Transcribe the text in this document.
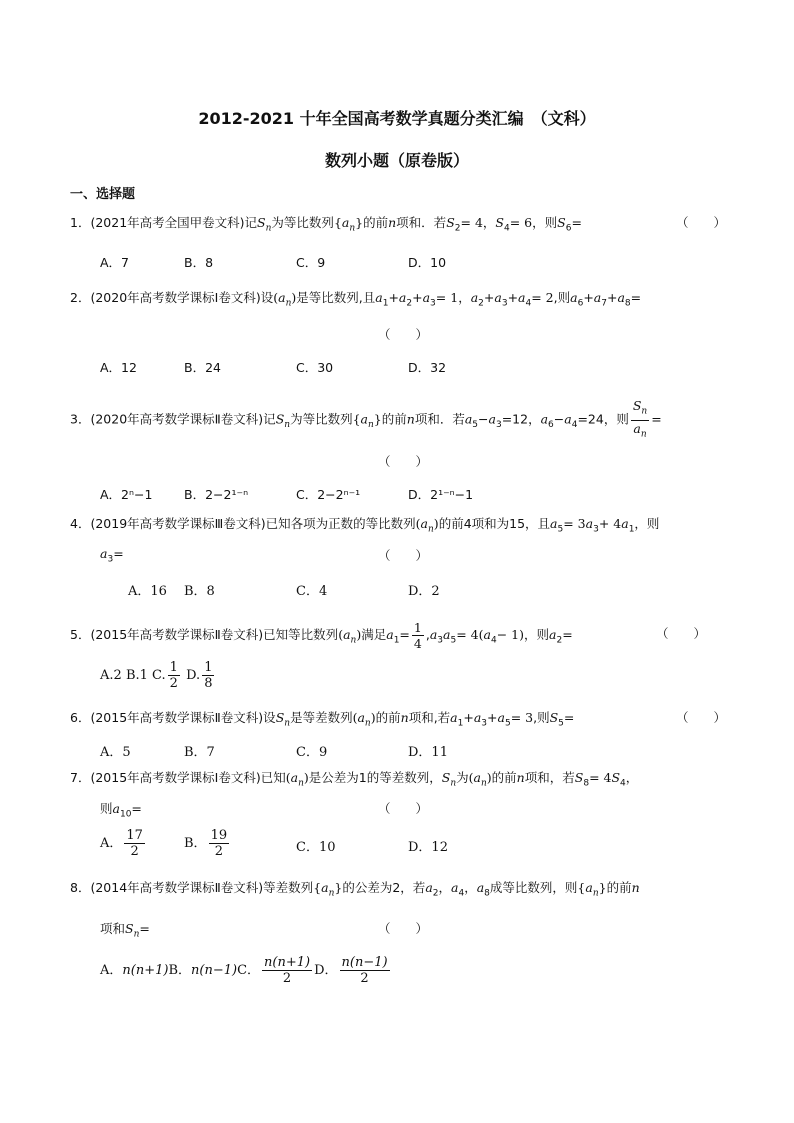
2012-2021 十年全国高考数学真题分类汇编　（文科）
数列小题（原卷版）
一、选择题
1．(2021年高考全国甲卷文科)记$S_n$为等比数列$\{a_n\}$的前n项和．若$S_2= 4$，$S_4= 6$，则$S_6=$	（　　）
A．7	B．8	C．9	D．10
2．(2020年高考数学课标Ⅰ卷文科)设$(a_n)$是等比数列,且$a_1+a_2+a_3= 1$，$a_2+a_3+a_4= 2$,则$a_6+a_7+a_8=$
（　　）
A．12	B．24	C．30	D．32
3．(2020年高考数学课标Ⅱ卷文科)记$S_n$为等比数列$\{a_n\}$的前n项和．若$a_5-a_3=12$，$a_6-a_4=24$，则 $\frac{S_n}{a_n}$ =
（　　）
A．2ⁿ−1	B．2−2¹⁻ⁿ	C．2−2ⁿ⁻¹	D．2¹⁻ⁿ−1
4．(2019年高考数学课标Ⅲ卷文科)已知各项为正数的等比数列$(a_n)$的前4项和为15，且$a_5= 3a_3+ 4a_1$，则
$a_3=$	（　　）
A．16 B．8	C．4	D．2
5．(2015年高考数学课标Ⅱ卷文科)已知等比数列$(a_n)$满足$a_1= \frac{1}{4} ,a_3a_5= 4(a_4- 1)$，则$a_2=$	（　　）
A.2 B.1 C. $\frac{1}{2} D$. $\frac{1}{8}$
6．(2015年高考数学课标Ⅱ卷文科)设$S_n$是等差数列$(a_n)$的前n项和,若$a_1+a_3+a_5= 3$,则$S_5=$	（　　）
A．5	B．7	C．9	D．11
7．(2015年高考数学课标Ⅰ卷文科)已知$(a_n)$是公差为1的等差数列，$S_n$为$(a_n)$的前n项和，若$S_8= 4S_4$，
则$a_{10}=$	（　　）
A． $\frac{17}{2}$	B． $\frac{19}{2}$	C．10	D．12
8．(2014年高考数学课标Ⅱ卷文科)等差数列$\{a_n\}$的公差为2，若$a_2$，$a_4$，$a_8$成等比数列，则$\{a_n\}$的前n
项和$S_n=$	（　　）
A．n(n+1)B．n(n−1)C． $\frac{n(n+1)}{2}$ D． $\frac{n(n-1)}{2}$
